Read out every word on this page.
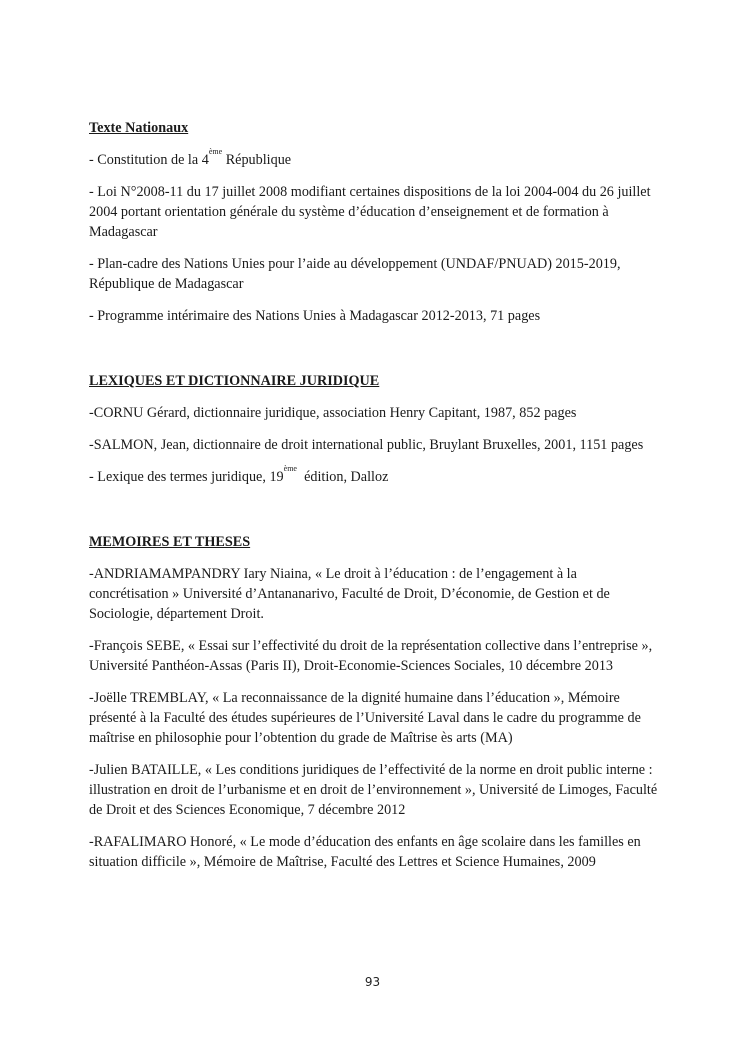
Texte Nationaux
- Constitution de la 4ème République
- Loi N°2008-11 du 17 juillet 2008 modifiant certaines dispositions de la loi 2004-004 du 26 juillet 2004 portant orientation générale du système d’éducation d’enseignement et de formation à Madagascar
- Plan-cadre des Nations Unies pour l’aide au développement (UNDAF/PNUAD) 2015-2019, République de Madagascar
- Programme intérimaire des Nations Unies à Madagascar 2012-2013, 71 pages
LEXIQUES ET DICTIONNAIRE JURIDIQUE
-CORNU Gérard, dictionnaire juridique, association Henry Capitant, 1987, 852 pages
-SALMON, Jean, dictionnaire de droit international public, Bruylant Bruxelles, 2001, 1151 pages
- Lexique des termes juridique, 19ème  édition, Dalloz
MEMOIRES ET THESES
-ANDRIAMAMPANDRY Iary Niaina, « Le droit à l’éducation : de l’engagement à la concrétisation » Université d’Antananarivo, Faculté de Droit, D’économie, de Gestion et de Sociologie, département Droit.
-François SEBE, « Essai sur l’effectivité du droit de la représentation collective dans l’entreprise », Université Panthéon-Assas (Paris II), Droit-Economie-Sciences Sociales, 10 décembre 2013
-Joëlle TREMBLAY, « La reconnaissance de la dignité humaine dans l’éducation », Mémoire présenté à la Faculté des études supérieures de l’Université Laval dans le cadre du programme de maîtrise en philosophie pour l’obtention du grade de Maîtrise ès arts (MA)
-Julien BATAILLE, « Les conditions juridiques de l’effectivité de la norme en droit public interne : illustration en droit de l’urbanisme et en droit de l’environnement », Université de Limoges, Faculté de Droit et des Sciences Economique, 7 décembre 2012
-RAFALIMARO Honoré, « Le mode d’éducation des enfants en âge scolaire dans les familles en situation difficile », Mémoire de Maîtrise, Faculté des Lettres et Science Humaines, 2009
93
